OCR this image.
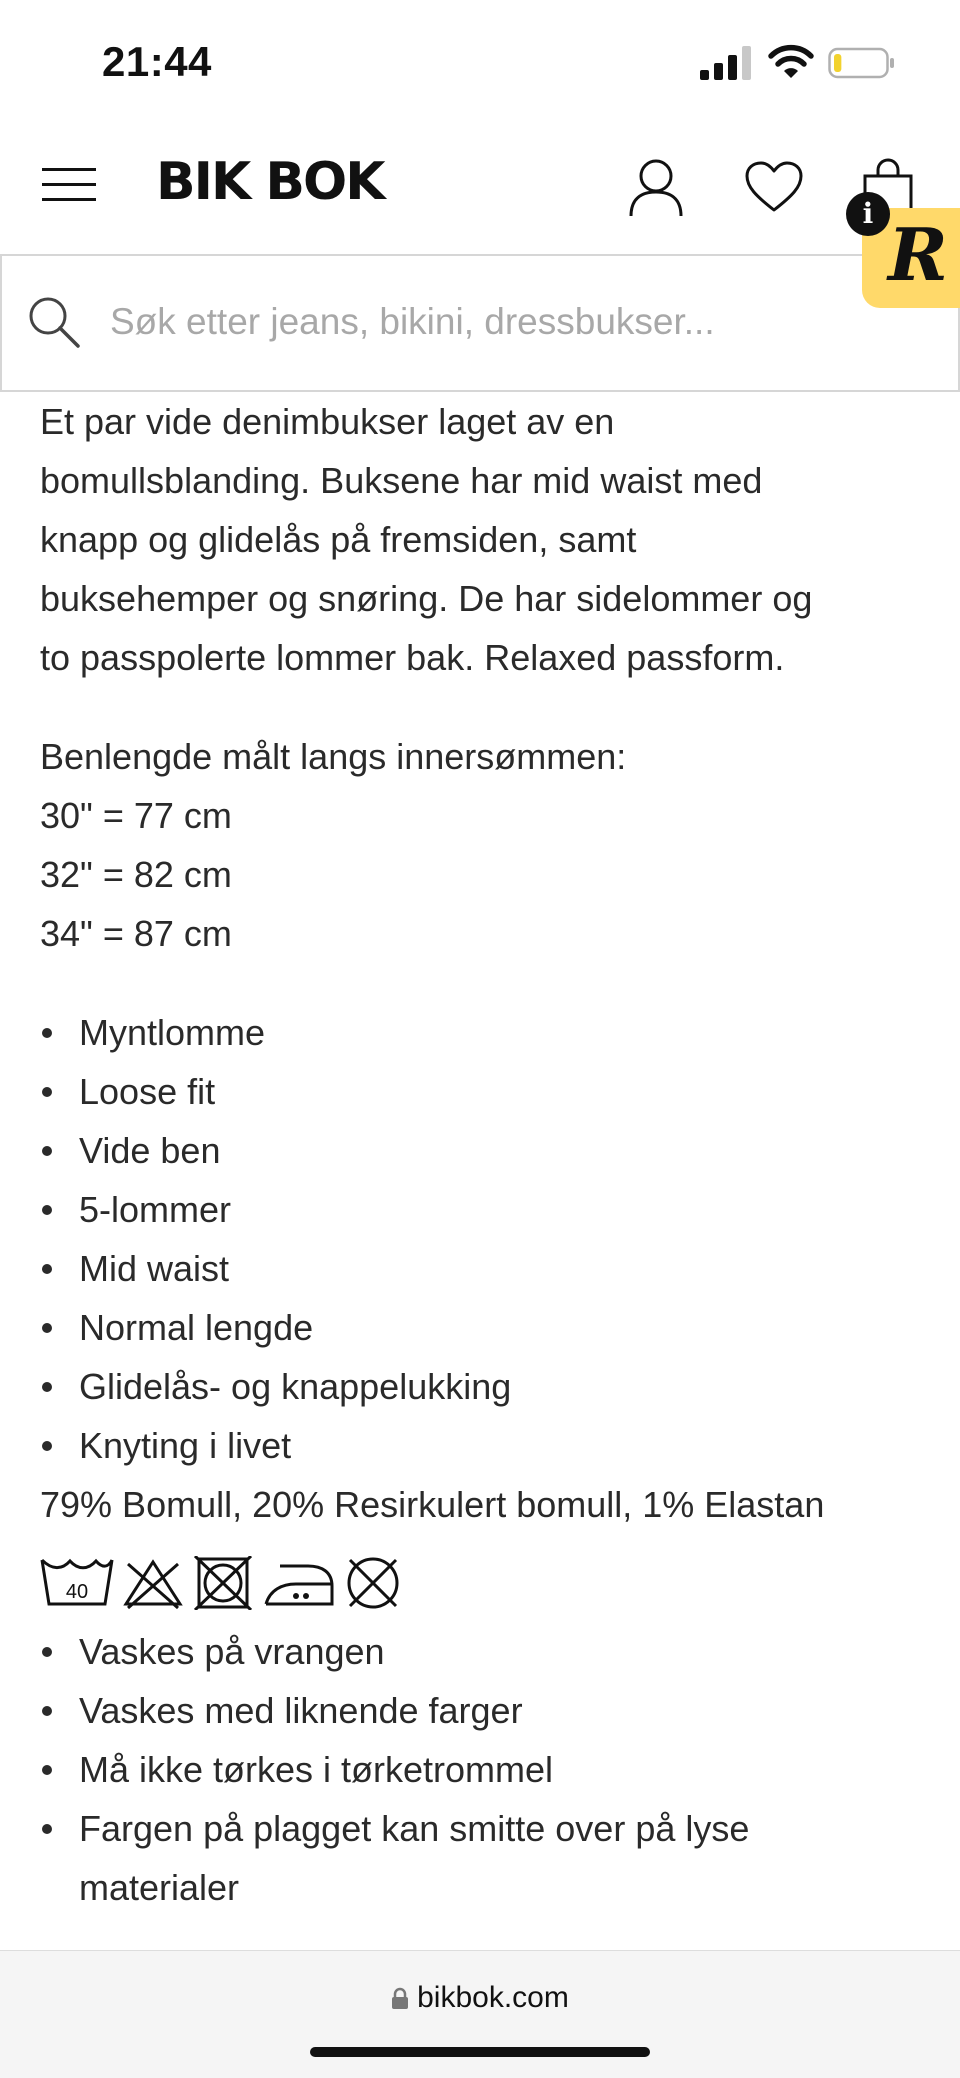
21:44
BIK BOK
R
i
Søk etter jeans, bikini, dressbukser...

Et par vide denimbukser laget av en

bomullsblanding. Buksene har mid waist med

knapp og glidelås på fremsiden, samt

buksehemper og snøring. De har sidelommer og

to passpolerte lommer bak. Relaxed passform.

Benlengde målt langs innersømmen:

30" = 77 cm

32" = 82 cm

34" = 87 cm

Myntlomme
Loose fit
Vide ben
5-lommer
Mid waist
Normal lengde
Glidelås- og knappelukking
Knyting i livet

79% Bomull, 20% Resirkulert bomull, 1% Elastan

40
Vaskes på vrangen
Vaskes med liknende farger
Må ikke tørkes i tørketrommel
Fargen på plagget kan smitte over på lyse
materialer
bikbok.com
